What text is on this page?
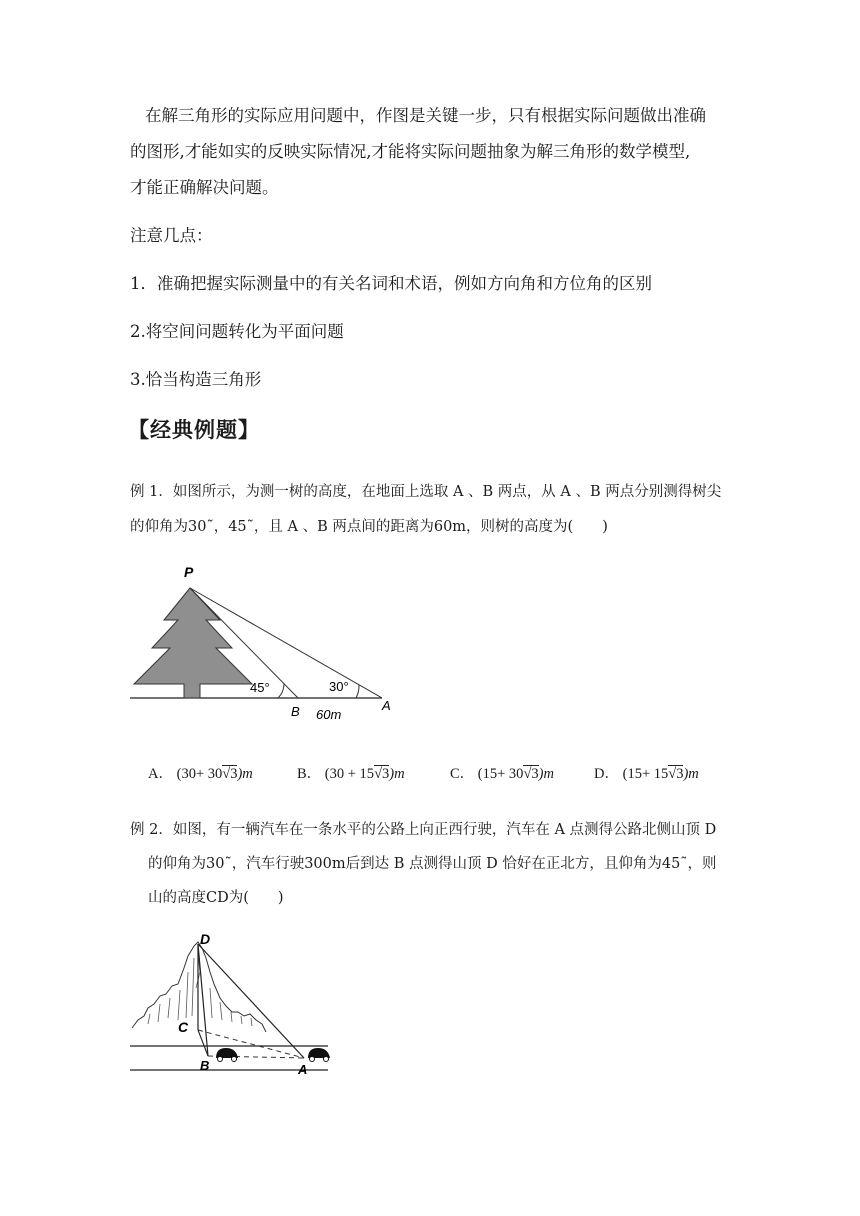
在解三角形的实际应用问题中，作图是关键一步，只有根据实际问题做出准确
的图形,才能如实的反映实际情况,才能将实际问题抽象为解三角形的数学模型,
才能正确解决问题。
注意几点：
1．准确把握实际测量中的有关名词和术语，例如方向角和方位角的区别
2.将空间问题转化为平面问题
3.恰当构造三角形
【经典例题】
例 1．如图所示，为测一树的高度，在地面上选取 A 、B 两点，从 A 、B 两点分别测得树尖
的仰角为30˜，45˜，且 A 、B 两点间的距离为60m，则树的高度为(　　)
P
45°	30°
B	A
60m
A． (30+ 30√3)m	B． (30 + 15√3)m	C． (15+ 30√3)m	D． (15+ 15√3)m
例 2．如图，有一辆汽车在一条水平的公路上向正西行驶，汽车在 A 点测得公路北侧山顶 D
的仰角为30˜，汽车行驶300m后到达 B 点测得山顶 D 恰好在正北方，且仰角为45˜，则
山的高度CD为(　　)
D
C
B	A
